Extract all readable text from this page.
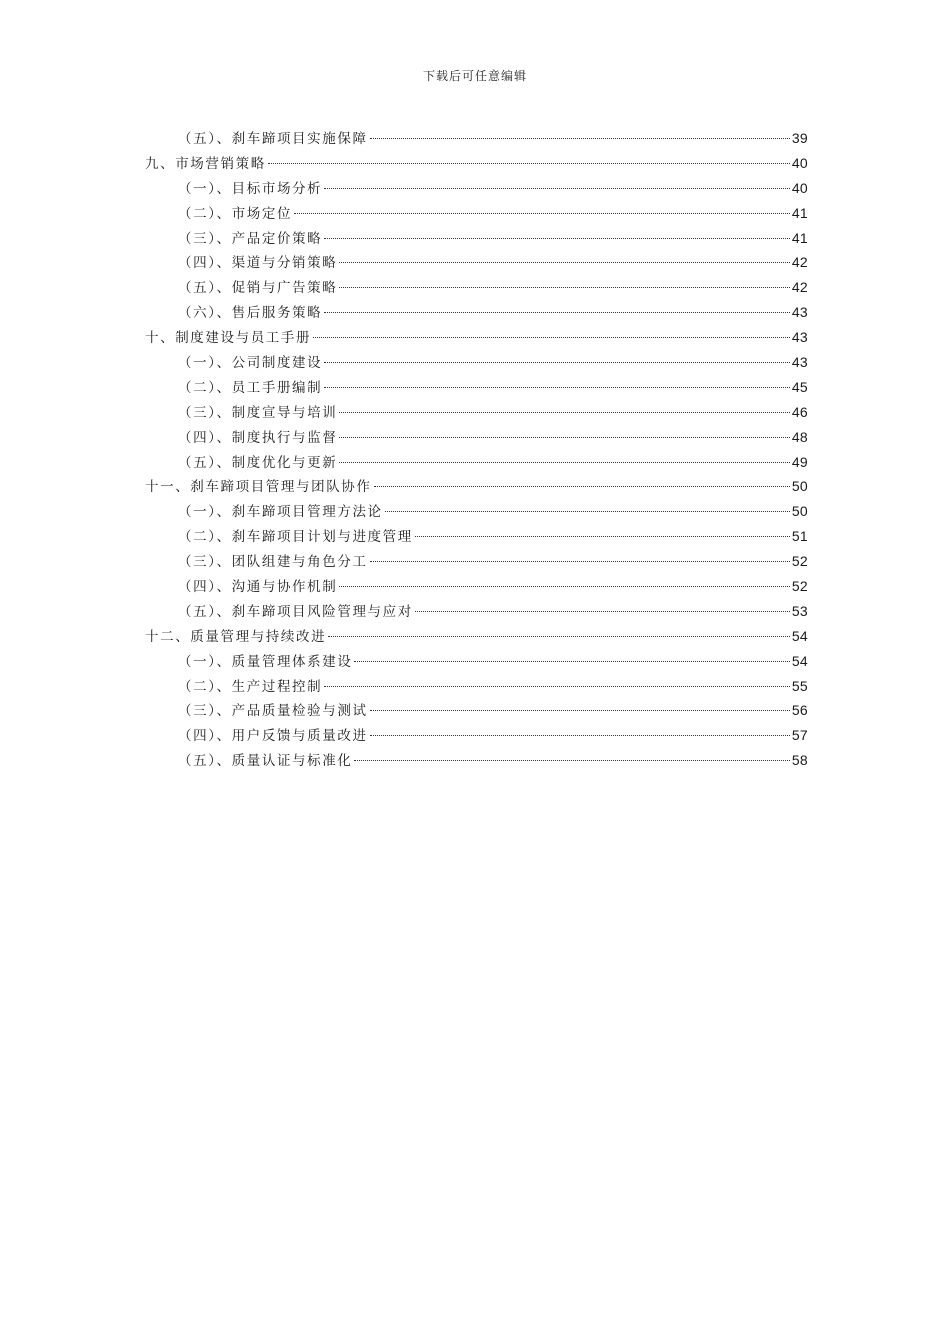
下载后可任意编辑
（五）、刹车蹄项目实施保障	39
九、市场营销策略	40
（一）、目标市场分析	40
（二）、市场定位	41
（三）、产品定价策略	41
（四）、渠道与分销策略	42
（五）、促销与广告策略	42
（六）、售后服务策略	43
十、制度建设与员工手册	43
（一）、公司制度建设	43
（二）、员工手册编制	45
（三）、制度宣导与培训	46
（四）、制度执行与监督	48
（五）、制度优化与更新	49
十一、刹车蹄项目管理与团队协作	50
（一）、刹车蹄项目管理方法论	50
（二）、刹车蹄项目计划与进度管理	51
（三）、团队组建与角色分工	52
（四）、沟通与协作机制	52
（五）、刹车蹄项目风险管理与应对	53
十二、质量管理与持续改进	54
（一）、质量管理体系建设	54
（二）、生产过程控制	55
（三）、产品质量检验与测试	56
（四）、用户反馈与质量改进	57
（五）、质量认证与标准化	58
